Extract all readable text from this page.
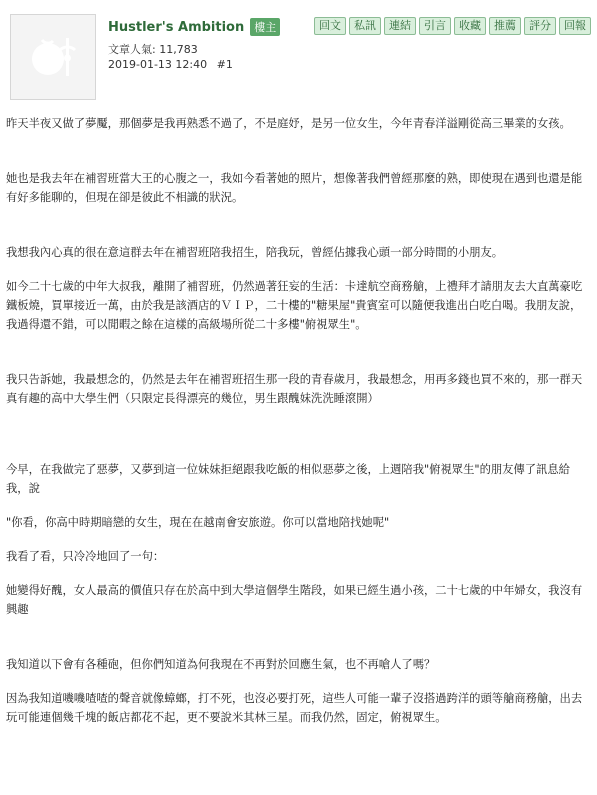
Hustler's Ambition 樓主	回文	私訊	連結	引言	收藏	推薦	評分	回報
文章人氣: 11,783
2019-01-13 12:40 #1

昨天半夜又做了夢魘，那個夢是我再熟悉不過了，不是庭妤，是另一位女生，今年青春洋溢剛從高三畢業的女孩。

她也是我去年在補習班當大王的心腹之一，我如今看著她的照片，想像著我們曾經那麼的熟，即使現在遇到也還是能有好多能聊的，但現在卻是彼此不相識的狀況。

我想我內心真的很在意這群去年在補習班陪我招生，陪我玩，曾經佔據我心頭一部分時間的小朋友。

如今二十七歲的中年大叔我，離開了補習班，仍然過著狂妄的生活：卡達航空商務艙，上禮拜才請朋友去大直萬豪吃鐵板燒，買單接近一萬，由於我是該酒店的ＶＩＰ，二十樓的"糖果屋"貴賓室可以隨便我進出白吃白喝。我朋友說，我過得還不錯，可以閒暇之餘在這樣的高級場所從二十多樓"俯視眾生"。

我只告訴她，我最想念的，仍然是去年在補習班招生那一段的青春歲月，我最想念，用再多錢也買不來的，那一群天真有趣的高中大學生們（只限定長得漂亮的幾位，男生跟醜妹洗洗睡滾開）

今早，在我做完了惡夢，又夢到這一位妹妹拒絕跟我吃飯的相似惡夢之後，上週陪我"俯視眾生"的朋友傳了訊息給我，說

"你看，你高中時期暗戀的女生，現在在越南會安旅遊。你可以當地陪找她呢"

我看了看，只冷冷地回了一句：

她變得好醜，女人最高的價值只存在於高中到大學這個學生階段，如果已經生過小孩，二十七歲的中年婦女，我沒有興趣

我知道以下會有各種砲，但你們知道為何我現在不再對於回應生氣，也不再嗆人了嗎？

因為我知道嘰嘰喳喳的聲音就像蟑螂，打不死，也沒必要打死，這些人可能一輩子沒搭過跨洋的頭等艙商務艙，出去玩可能連個幾千塊的飯店都花不起，更不要說米其林三星。而我仍然，固定，俯視眾生。
